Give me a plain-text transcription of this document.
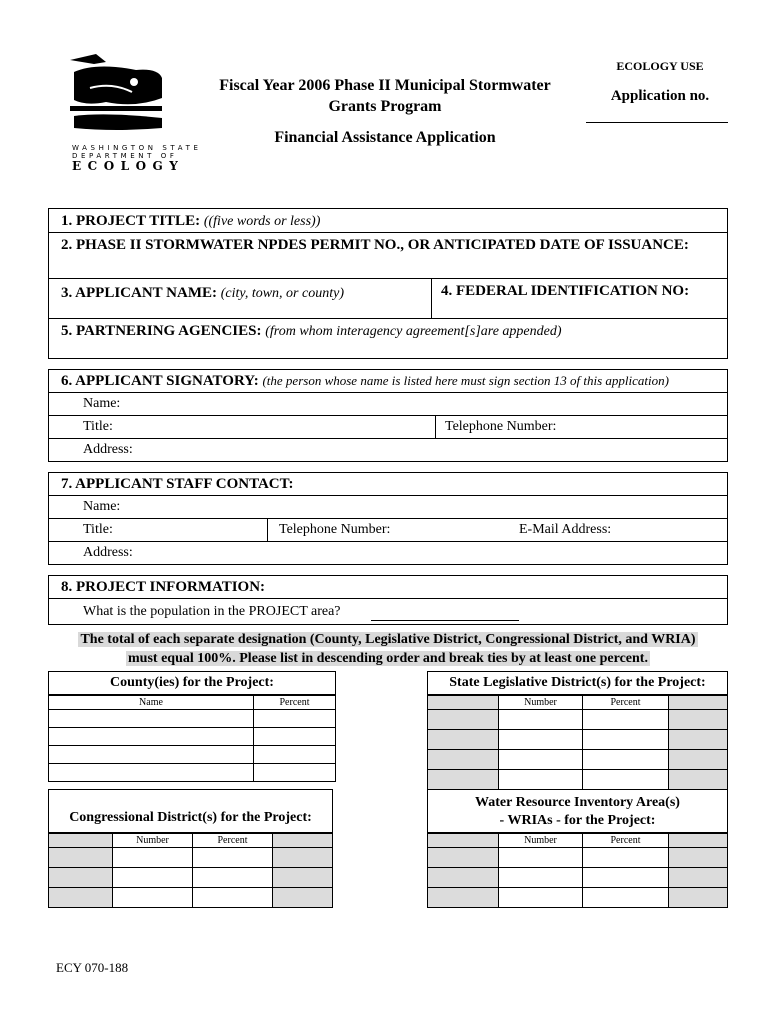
WASHINGTON STATE
DEPARTMENT OF
ECOLOGY
Fiscal Year 2006 Phase II Municipal Stormwater
Grants Program
Financial Assistance Application
ECOLOGY USE
Application no.
1. PROJECT TITLE: ((five words or less))
2. PHASE II STORMWATER NPDES PERMIT NO., OR ANTICIPATED DATE OF ISSUANCE:
3. APPLICANT NAME: (city, town, or county)	4. FEDERAL IDENTIFICATION NO:
5. PARTNERING AGENCIES: (from whom interagency agreement[s]are appended)
6. APPLICANT SIGNATORY: (the person whose name is listed here must sign section 13 of this application)
Name:
Title:	Telephone Number:
Address:
7. APPLICANT STAFF CONTACT:
Name:
Title:	Telephone Number:	E-Mail Address:
Address:
8. PROJECT INFORMATION:
What is the population in the PROJECT area?
The total of each separate designation (County, Legislative District, Congressional District, and WRIA)
must equal 100%. Please list in descending order and break ties by at least one percent.
County(ies) for the Project:
Name	Percent

State Legislative District(s) for the Project:
	Number	Percent	

Congressional District(s) for the Project:
	Number	Percent	

Water Resource Inventory Area(s)
- WRIAs - for the Project:
	Number	Percent	

ECY 070-188
